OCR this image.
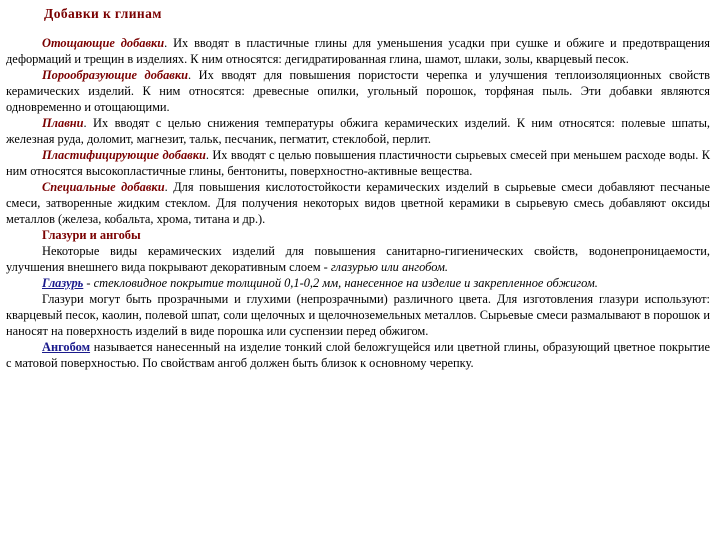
Добавки к глинам

Отощающие добавки. Их вводят в пластичные глины для уменьшения усадки при сушке и обжиге и предотвращения деформаций и трещин в изделиях. К ним относятся: дегидратированная глина, шамот, шлаки, золы, кварцевый песок.

Порообразующие добавки. Их вводят для повышения пористости черепка и улучшения теплоизоляционных свойств керамических изделий. К ним относятся: древесные опилки, угольный порошок, торфяная пыль. Эти добавки являются одновременно и отощающими.

Плавни. Их вводят с целью снижения температуры обжига керамических изделий. К ним относятся: полевые шпаты, железная руда, доломит, магнезит, тальк, песчаник, пегматит, стеклобой, перлит.

Пластифицирующие добавки. Их вводят с целью повышения пластичности сырьевых смесей при меньшем расходе воды. К ним относятся высокопластичные глины, бентониты, поверхностно-активные вещества.

Специальные добавки. Для повышения кислотостойкости керамических изделий в сырьевые смеси добавляют песчаные смеси, затворенные жидким стеклом. Для получения некоторых видов цветной керамики в сырьевую смесь добавляют оксиды металлов (железа, кобальта, хрома, титана и др.).

Глазури и ангобы

Некоторые виды керамических изделий для повышения санитарно-гигиенических свойств, водонепроницаемости, улучшения внешнего вида покрывают декоративным слоем - глазурью или ангобом.

Глазурь - стекловидное покрытие толщиной 0,1-0,2 мм, нанесенное на изделие и закрепленное обжигом.

Глазури могут быть прозрачными и глухими (непрозрачными) различного цвета. Для изготовления глазури используют: кварцевый песок, каолин, полевой шпат, соли щелочных и щелочноземельных металлов. Сырьевые смеси размалывают в порошок и наносят на поверхность изделий в виде порошка или суспензии перед обжигом.

Ангобом называется нанесенный на изделие тонкий слой беложгущейся или цветной глины, образующий цветное покрытие с матовой поверхностью. По свойствам ангоб должен быть близок к основному черепку.
